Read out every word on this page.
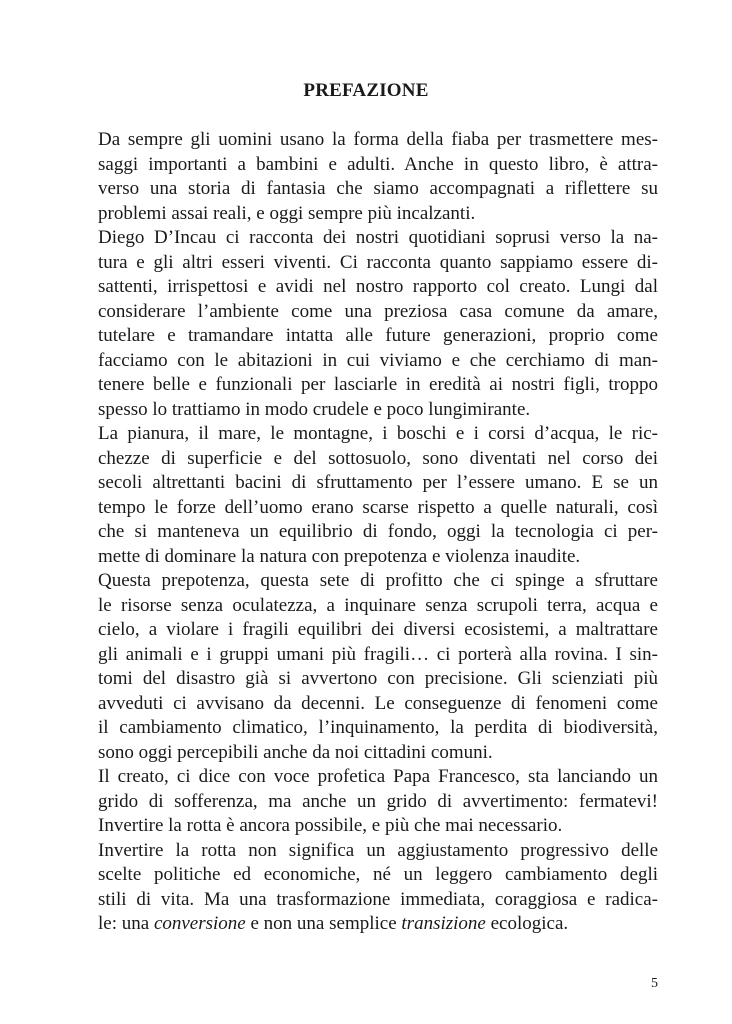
PREFAZIONE
Da sempre gli uomini usano la forma della fiaba per trasmettere mes-
saggi importanti a bambini e adulti. Anche in questo libro, è attra-
verso una storia di fantasia che siamo accompagnati a riflettere su
problemi assai reali, e oggi sempre più incalzanti.
Diego D’Incau ci racconta dei nostri quotidiani soprusi verso la na-
tura e gli altri esseri viventi. Ci racconta quanto sappiamo essere di-
sattenti, irrispettosi e avidi nel nostro rapporto col creato. Lungi dal
considerare l’ambiente come una preziosa casa comune da amare,
tutelare e tramandare intatta alle future generazioni, proprio come
facciamo con le abitazioni in cui viviamo e che cerchiamo di man-
tenere belle e funzionali per lasciarle in eredità ai nostri figli, troppo
spesso lo trattiamo in modo crudele e poco lungimirante.
La pianura, il mare, le montagne, i boschi e i corsi d’acqua, le ric-
chezze di superficie e del sottosuolo, sono diventati nel corso dei
secoli altrettanti bacini di sfruttamento per l’essere umano. E se un
tempo le forze dell’uomo erano scarse rispetto a quelle naturali, così
che si manteneva un equilibrio di fondo, oggi la tecnologia ci per-
mette di dominare la natura con prepotenza e violenza inaudite.
Questa prepotenza, questa sete di profitto che ci spinge a sfruttare
le risorse senza oculatezza, a inquinare senza scrupoli terra, acqua e
cielo, a violare i fragili equilibri dei diversi ecosistemi, a maltrattare
gli animali e i gruppi umani più fragili… ci porterà alla rovina. I sin-
tomi del disastro già si avvertono con precisione. Gli scienziati più
avveduti ci avvisano da decenni. Le conseguenze di fenomeni come
il cambiamento climatico, l’inquinamento, la perdita di biodiversità,
sono oggi percepibili anche da noi cittadini comuni.
Il creato, ci dice con voce profetica Papa Francesco, sta lanciando un
grido di sofferenza, ma anche un grido di avvertimento: fermatevi!
Invertire la rotta è ancora possibile, e più che mai necessario.
Invertire la rotta non significa un aggiustamento progressivo delle
scelte politiche ed economiche, né un leggero cambiamento degli
stili di vita. Ma una trasformazione immediata, coraggiosa e radica-
le: una conversione e non una semplice transizione ecologica.
5
